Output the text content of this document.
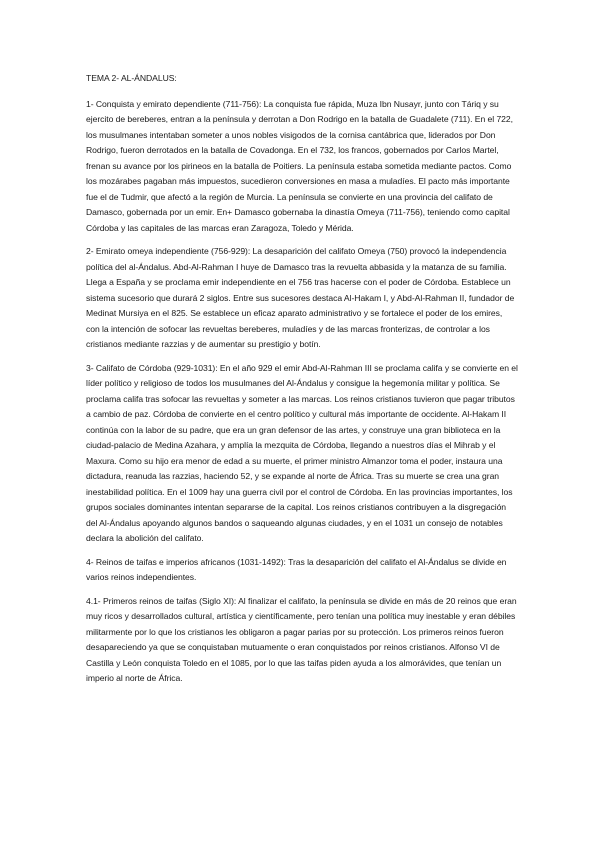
TEMA 2- AL-ÁNDALUS:

1- Conquista y emirato dependiente (711-756): La conquista fue rápida, Muza Ibn Nusayr, junto con Táriq y su ejercito de bereberes, entran a la península y derrotan a Don Rodrigo en la batalla de Guadalete (711). En el 722, los musulmanes intentaban someter a unos nobles visigodos de la cornisa cantábrica que, liderados por Don Rodrigo, fueron derrotados en la batalla de Covadonga. En el 732, los francos, gobernados por Carlos Martel, frenan su avance por los pirineos en la batalla de Poitiers. La península estaba sometida mediante pactos. Como los mozárabes pagaban más impuestos, sucedieron conversiones en masa a muladíes. El pacto más importante fue el de Tudmir, que afectó a la región de Murcia. La península se convierte en una provincia del califato de Damasco, gobernada por un emir. En+ Damasco gobernaba la dinastía Omeya (711-756), teniendo como capital Córdoba y las capitales de las marcas eran Zaragoza, Toledo y Mérida.

2- Emirato omeya independiente (756-929): La desaparición del califato Omeya (750) provocó la independencia política del al-Ándalus. Abd-Al-Rahman I huye de Damasco tras la revuelta abbasida y la matanza de su familia. Llega a España y se proclama emir independiente en el 756 tras hacerse con el poder de Córdoba. Establece un sistema sucesorio que durará 2 siglos. Entre sus sucesores destaca Al-Hakam I, y Abd-Al-Rahman II, fundador de Medinat Mursiya en el 825. Se establece un eficaz aparato administrativo y se fortalece el poder de los emires, con la intención de sofocar las revueltas bereberes, muladíes y de las marcas fronterizas, de controlar a los cristianos mediante razzias y de aumentar su prestigio y botín.

3- Califato de Córdoba (929-1031): En el año 929 el emir Abd-Al-Rahman III se proclama califa y se convierte en el líder político y religioso de todos los musulmanes del Al-Ándalus y consigue la hegemonía militar y política. Se proclama califa tras sofocar las revueltas y someter a las marcas. Los reinos cristianos tuvieron que pagar tributos a cambio de paz. Córdoba de convierte en el centro político y cultural más importante de occidente. Al-Hakam II continúa con la labor de su padre, que era un gran defensor de las artes, y construye una gran biblioteca en la ciudad-palacio de Medina Azahara, y amplía la mezquita de Córdoba, llegando a nuestros días el Mihrab y el Maxura. Como su hijo era menor de edad a su muerte, el primer ministro Almanzor toma el poder, instaura una dictadura, reanuda las razzias, haciendo 52, y se expande al norte de África. Tras su muerte se crea una gran inestabilidad política. En el 1009 hay una guerra civil por el control de Córdoba. En las provincias importantes, los grupos sociales dominantes intentan separarse de la capital. Los reinos cristianos contribuyen a la disgregación del Al-Ándalus apoyando algunos bandos o saqueando algunas ciudades, y en el 1031 un consejo de notables declara la abolición del califato.

4- Reinos de taifas e imperios africanos (1031-1492): Tras la desaparición del califato el Al-Ándalus se divide en varios reinos independientes.

4.1- Primeros reinos de taifas (Siglo XI): Al finalizar el califato, la península se divide en más de 20 reinos que eran muy ricos y desarrollados cultural, artística y científicamente, pero tenían una política muy inestable y eran débiles militarmente por lo que los cristianos les obligaron a pagar parias por su protección. Los primeros reinos fueron desapareciendo ya que se conquistaban mutuamente o eran conquistados por reinos cristianos. Alfonso VI de Castilla y León conquista Toledo en el 1085, por lo que las taifas piden ayuda a los almorávides, que tenían un imperio al norte de África.
